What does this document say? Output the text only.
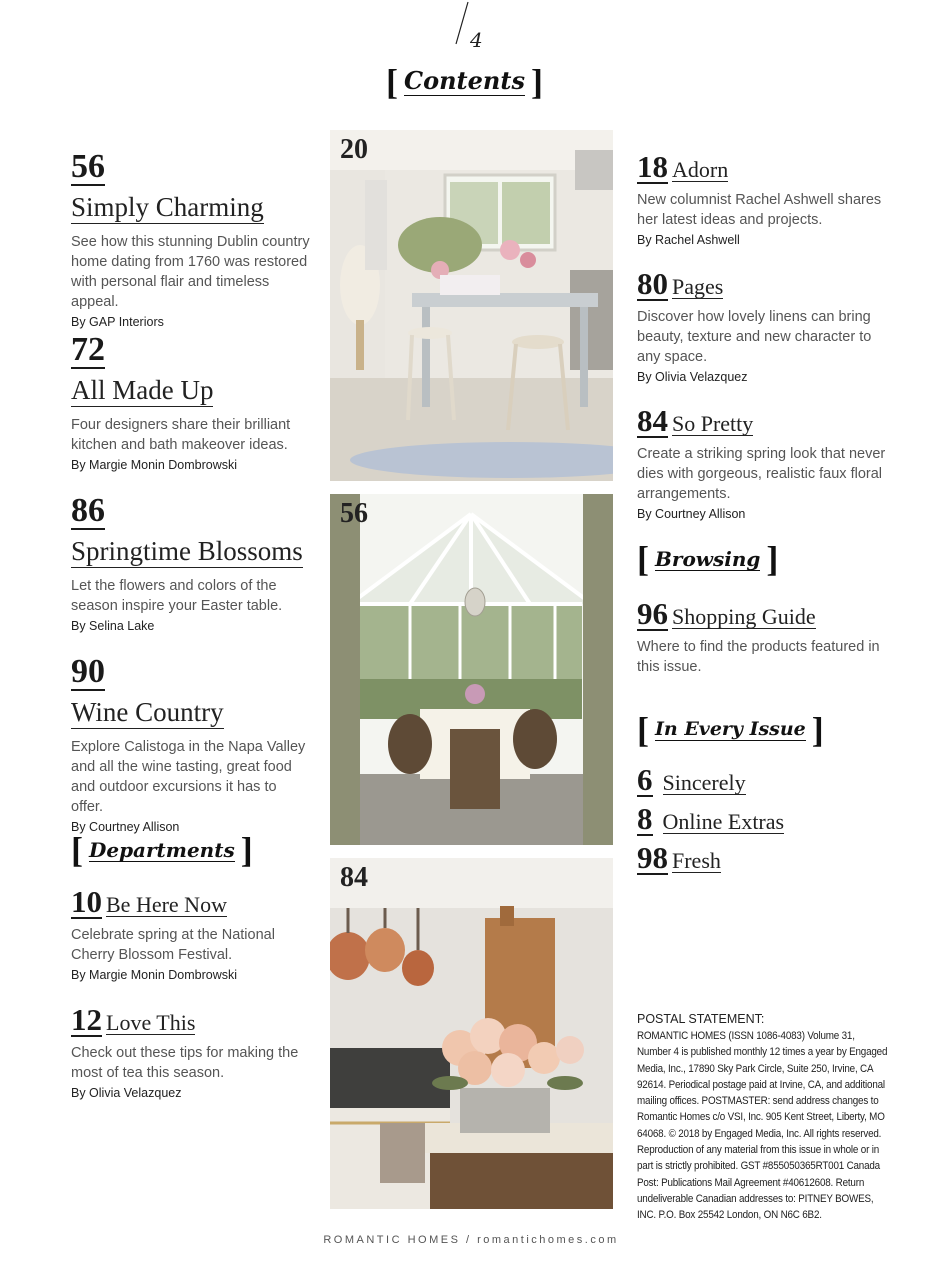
4
[ Contents ]
56
Simply Charming
See how this stunning Dublin country home dating from 1760 was restored with personal flair and timeless appeal.
By GAP Interiors
72
All Made Up
Four designers share their brilliant kitchen and bath makeover ideas.
By Margie Monin Dombrowski
86
Springtime Blossoms
Let the flowers and colors of the season inspire your Easter table.
By Selina Lake
90
Wine Country
Explore Calistoga in the Napa Valley and all the wine tasting, great food and outdoor excursions it has to offer.
By Courtney Allison
[ Departments ]
10 Be Here Now
Celebrate spring at the National Cherry Blossom Festival.
By Margie Monin Dombrowski
12 Love This
Check out these tips for making the most of tea this season.
By Olivia Velazquez
20
56
84
18 Adorn
New columnist Rachel Ashwell shares her latest ideas and projects.
By Rachel Ashwell
80 Pages
Discover how lovely linens can bring beauty, texture and new character to any space.
By Olivia Velazquez
84 So Pretty
Create a striking spring look that never dies with gorgeous, realistic faux floral arrangements.
By Courtney Allison
[ Browsing ]
96 Shopping Guide
Where to find the products featured in this issue.
[ In Every Issue ]
6 Sincerely
8 Online Extras
98 Fresh
POSTAL STATEMENT:
ROMANTIC HOMES (ISSN 1086-4083) Volume 31, Number 4 is published monthly 12 times a year by Engaged Media, Inc., 17890 Sky Park Circle, Suite 250, Irvine, CA 92614. Periodical postage paid at Irvine, CA, and additional mailing offices. POSTMASTER: send address changes to Romantic Homes c/o VSI, Inc. 905 Kent Street, Liberty, MO 64068. © 2018 by Engaged Media, Inc. All rights reserved. Reproduction of any material from this issue in whole or in part is strictly prohibited. GST #855050365RT001 Canada Post: Publications Mail Agreement #40612608. Return undeliverable Canadian addresses to: PITNEY BOWES, INC. P.O. Box 25542 London, ON N6C 6B2.
ROMANTIC HOMES / romantichomes.com
